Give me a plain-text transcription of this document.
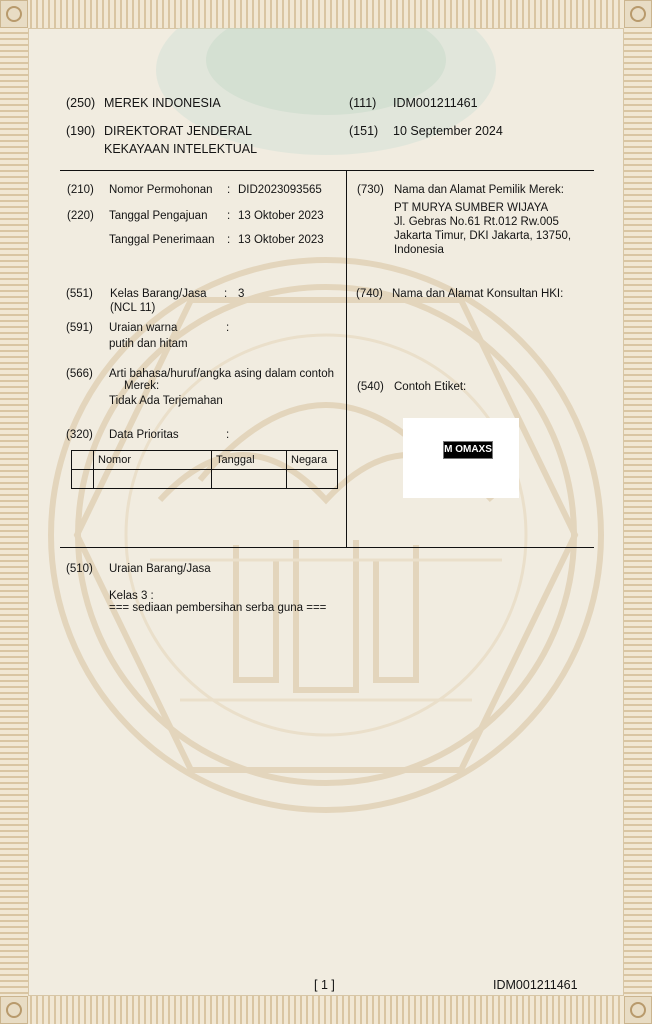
(250) MEREK INDONESIA	(111) IDM001211461
(190) DIREKTORAT JENDERAL
KEKAYAAN INTELEKTUAL
(151) 10 September 2024
(210) Nomor Permohonan : DID2023093565
(220) Tanggal Pengajuan : 13 Oktober 2023
Tanggal Penerimaan : 13 Oktober 2023
(730) Nama dan Alamat Pemilik Merek:
PT MURYA SUMBER WIJAYA
Jl. Gebras No.61 Rt.012 Rw.005
Jakarta Timur, DKI Jakarta, 13750,
Indonesia
(551) Kelas Barang/Jasa : 3
(NCL 11)
(740) Nama dan Alamat Konsultan HKI:
(591) Uraian warna	:
putih dan hitam
(566) Arti bahasa/huruf/angka asing dalam contoh
Merek:
Tidak Ada Terjemahan
(540) Contoh Etiket:
M OMAXS
(320) Data Prioritas	:
	Nomor	Tanggal	Negara

(510) Uraian Barang/Jasa
Kelas 3 :
=== sediaan pembersihan serba guna ===
[ 1 ]	IDM001211461
